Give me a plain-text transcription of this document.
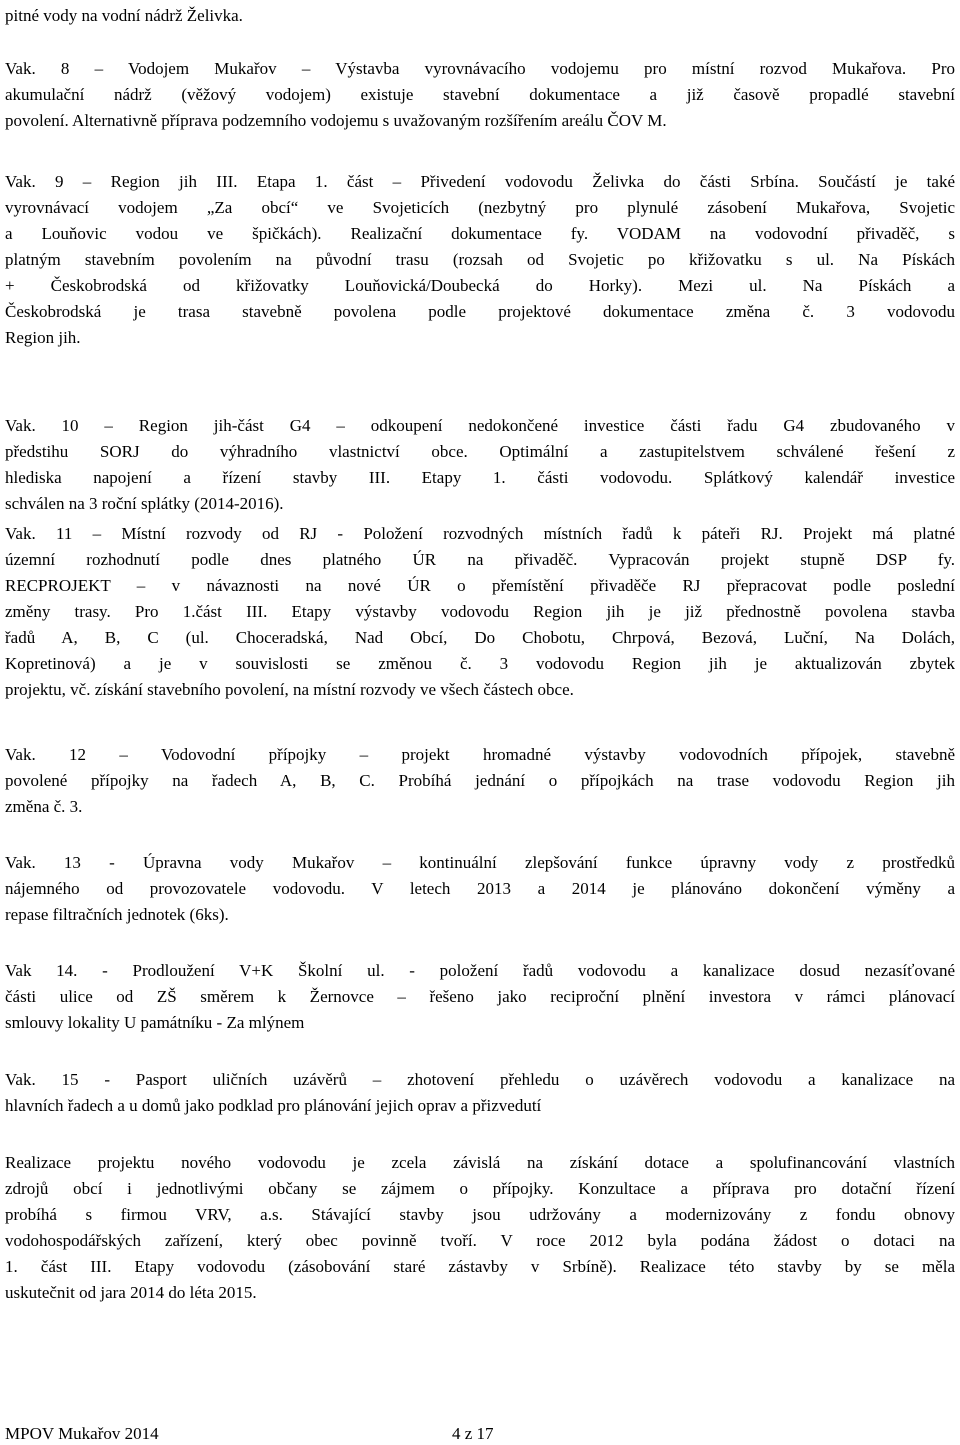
pitné vody na vodní nádrž Želivka.
Vak. 8 – Vodojem Mukařov – Výstavba vyrovnávacího vodojemu pro místní rozvod Mukařova. Pro
akumulační nádrž (věžový vodojem) existuje stavební dokumentace a již časově propadlé stavební
povolení. Alternativně příprava podzemního vodojemu s uvažovaným rozšířením areálu ČOV M.
Vak. 9 – Region jih III. Etapa 1. část – Přivedení vodovodu Želivka do části Srbína. Součástí je také
vyrovnávací vodojem „Za obcí“ ve Svojeticích (nezbytný pro plynulé zásobení Mukařova, Svojetic
a Louňovic vodou ve špičkách). Realizační dokumentace fy. VODAM na vodovodní přivaděč, s
platným stavebním povolením na původní trasu (rozsah od Svojetic po křižovatku s ul. Na Pískách
+ Českobrodská od křižovatky Louňovická/Doubecká do Horky). Mezi ul. Na Pískách a
Českobrodská je trasa stavebně povolena podle projektové dokumentace změna č. 3 vodovodu
Region jih.
Vak. 10 – Region jih-část G4 – odkoupení nedokončené investice části řadu G4 zbudovaného v
předstihu SORJ do výhradního vlastnictví obce. Optimální a zastupitelstvem schválené řešení z
hlediska napojení a řízení stavby III. Etapy 1. části vodovodu. Splátkový kalendář investice
schválen na 3 roční splátky (2014-2016).
Vak. 11 – Místní rozvody od RJ - Položení rozvodných místních řadů k páteři RJ. Projekt má platné
územní rozhodnutí podle dnes platného ÚR na přivaděč. Vypracován projekt stupně DSP fy.
RECPROJEKT – v návaznosti na nové ÚR o přemístění přivaděče RJ přepracovat podle poslední
změny trasy. Pro 1.část III. Etapy výstavby vodovodu Region jih je již přednostně povolena stavba
řadů A, B, C (ul. Choceradská, Nad Obcí, Do Chobotu, Chrpová, Bezová, Luční, Na Dolách,
Kopretinová) a je v souvislosti se změnou č. 3 vodovodu Region jih je aktualizován zbytek
projektu, vč. získání stavebního povolení, na místní rozvody ve všech částech obce.
Vak. 12 – Vodovodní přípojky – projekt hromadné výstavby vodovodních přípojek, stavebně
povolené přípojky na řadech A, B, C. Probíhá jednání o přípojkách na trase vodovodu Region jih
změna č. 3.
Vak. 13 - Úpravna vody Mukařov – kontinuální zlepšování funkce úpravny vody z prostředků
nájemného od provozovatele vodovodu. V letech 2013 a 2014 je plánováno dokončení výměny a
repase filtračních jednotek (6ks).
Vak 14. - Prodloužení V+K Školní ul. - položení řadů vodovodu a kanalizace dosud nezasíťované
části ulice od ZŠ směrem k Žernovce – řešeno jako reciproční plnění investora v rámci plánovací
smlouvy lokality U památníku - Za mlýnem
Vak. 15 - Pasport uličních uzávěrů – zhotovení přehledu o uzávěrech vodovodu a kanalizace na
hlavních řadech a u domů jako podklad pro plánování jejich oprav a přizvedutí
Realizace projektu nového vodovodu je zcela závislá na získání dotace a spolufinancování vlastních
zdrojů obcí i jednotlivými občany se zájmem o přípojky. Konzultace a příprava pro dotační řízení
probíhá s firmou VRV, a.s. Stávající stavby jsou udržovány a modernizovány z fondu obnovy
vodohospodářských zařízení, který obec povinně tvoří. V roce 2012 byla podána žádost o dotaci na
1. část III. Etapy vodovodu (zásobování staré zástavby v Srbíně). Realizace této stavby by se měla
uskutečnit od jara 2014 do léta 2015.
MPOV Mukařov 2014	4 z 17
